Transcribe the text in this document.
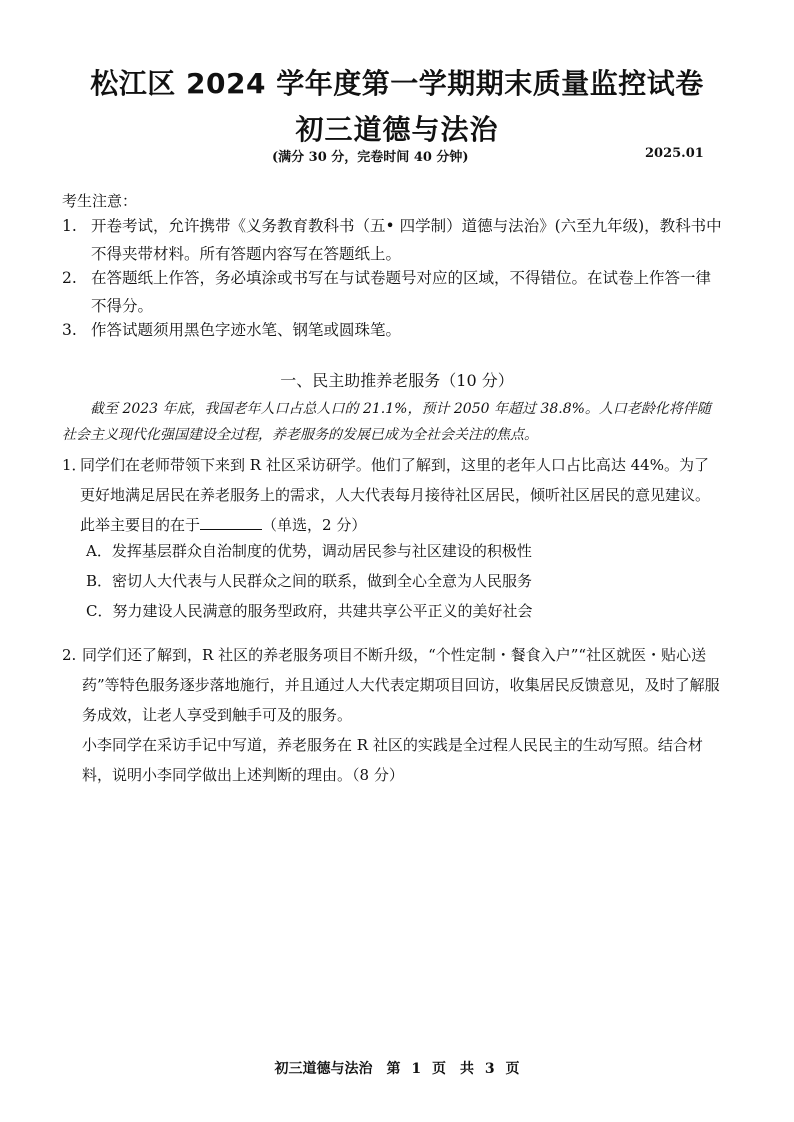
松江区 2024 学年度第一学期期末质量监控试卷
初三道德与法治
(满分 30 分，完卷时间 40 分钟)	2025.01
考生注意：
1. 开卷考试，允许携带《义务教育教科书（五• 四学制）道德与法治》(六至九年级)，教科书中不得夹带材料。所有答题内容写在答题纸上。
2. 在答题纸上作答，务必填涂或书写在与试卷题号对应的区域，不得错位。在试卷上作答一律不得分。
3. 作答试题须用黑色字迹水笔、钢笔或圆珠笔。
一、民主助推养老服务（10 分）
截至 2023 年底，我国老年人口占总人口的 21.1%，预计 2050 年超过 38.8%。人口老龄化将伴随社会主义现代化强国建设全过程，养老服务的发展已成为全社会关注的焦点。
1．
同学们在老师带领下来到 R 社区采访研学。他们了解到，这里的老年人口占比高达 44%。为了更好地满足居民在养老服务上的需求，人大代表每月接待社区居民，倾听社区居民的意见建议。此举主要目的在于	（单选，2 分）
A．发挥基层群众自治制度的优势，调动居民参与社区建设的积极性
B．密切人大代表与人民群众之间的联系，做到全心全意为人民服务
C．努力建设人民满意的服务型政府，共建共享公平正义的美好社会
2. 同学们还了解到，R 社区的养老服务项目不断升级，“个性定制・餐食入户”“社区就医・贴心送药”等特色服务逐步落地施行，并且通过人大代表定期项目回访，收集居民反馈意见，及时了解服务成效，让老人享受到触手可及的服务。
小李同学在采访手记中写道，养老服务在 R 社区的实践是全过程人民民主的生动写照。结合材料，说明小李同学做出上述判断的理由。（8 分）
初三道德与法治　第 1 页　共 3 页
